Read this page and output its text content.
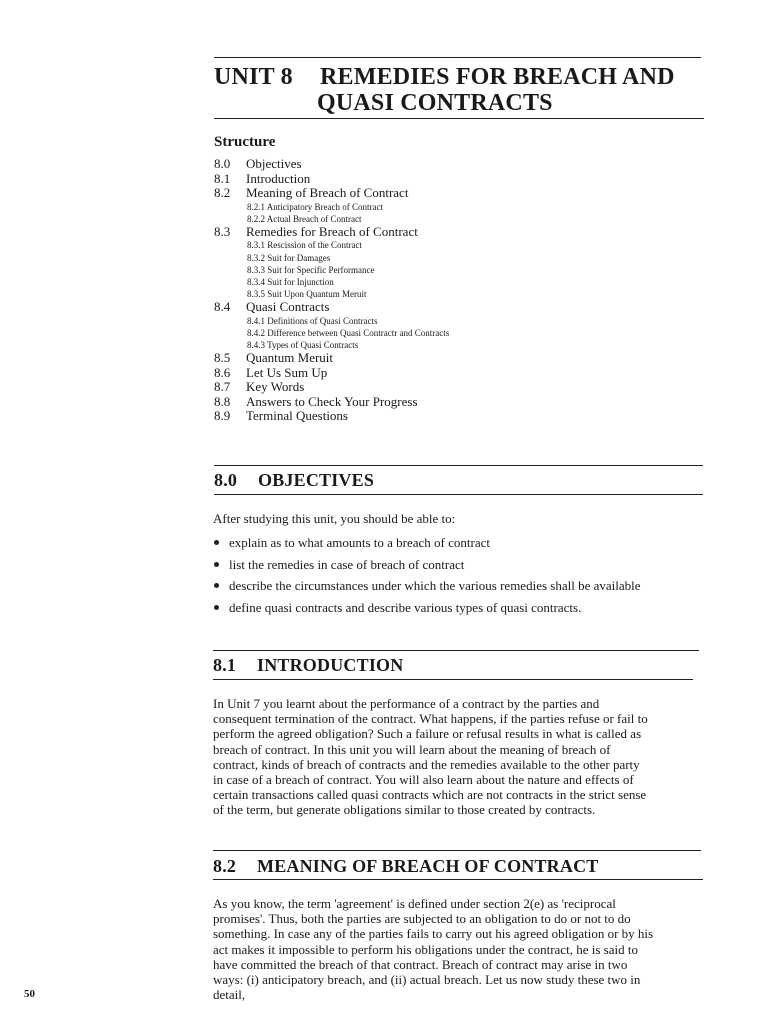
UNIT 8 REMEDIES FOR BREACH AND
QUASI CONTRACTS
Structure
8.0 Objectives
8.1 Introduction
8.2 Meaning of Breach of Contract
8.2.1 Anticipatory Breach of Contract
8.2.2 Actual Breach of Contract
8.3 Remedies for Breach of Contract
8.3.1 Rescission of the Contract
8.3.2 Suit for Damages
8.3.3 Suit for Specific Performance
8.3.4 Suit for Injunction
8.3.5 Suit Upon Quantum Meruit
8.4 Quasi Contracts
8.4.1 Definitions of Quasi Contracts
8.4.2 Difference between Quasi Contractr and Contracts
8.4.3 Types of Quasi Contracts
8.5 Quantum Meruit
8.6 Let Us Sum Up
8.7 Key Words
8.8 Answers to Check Your Progress
8.9 Terminal Questions
8.0 OBJECTIVES
After studying this unit, you should be able to:
explain as to what amounts to a breach of contract
list the remedies in case of breach of contract
describe the circumstances under which the various remedies shall be available
define quasi contracts and describe various types of quasi contracts.
8.1 INTRODUCTION
In Unit 7 you learnt about the performance of a contract by the parties and
consequent termination of the contract. What happens, if the parties refuse or fail to
perform the agreed obligation? Such a failure or refusal results in what is called as
breach of contract. In this unit you will learn about the meaning of breach of
contract, kinds of breach of contracts and the remedies available to the other party
in case of a breach of contract. You will also learn about the nature and effects of
certain transactions called quasi contracts which are not contracts in the strict sense
of the term, but generate obligations similar to those created by contracts.
8.2 MEANING OF BREACH OF CONTRACT
As you know, the term 'agreement' is defined under section 2(e) as 'reciprocal
promises'. Thus, both the parties are subjected to an obligation to do or not to do
something. In case any of the parties fails to carry out his agreed obligation or by his
act makes it impossible to perform his obligations under the contract, he is said to
have committed the breach of that contract. Breach of contract may arise in two
ways: (i) anticipatory breach, and (ii) actual breach. Let us now study these two in
detail,
50
